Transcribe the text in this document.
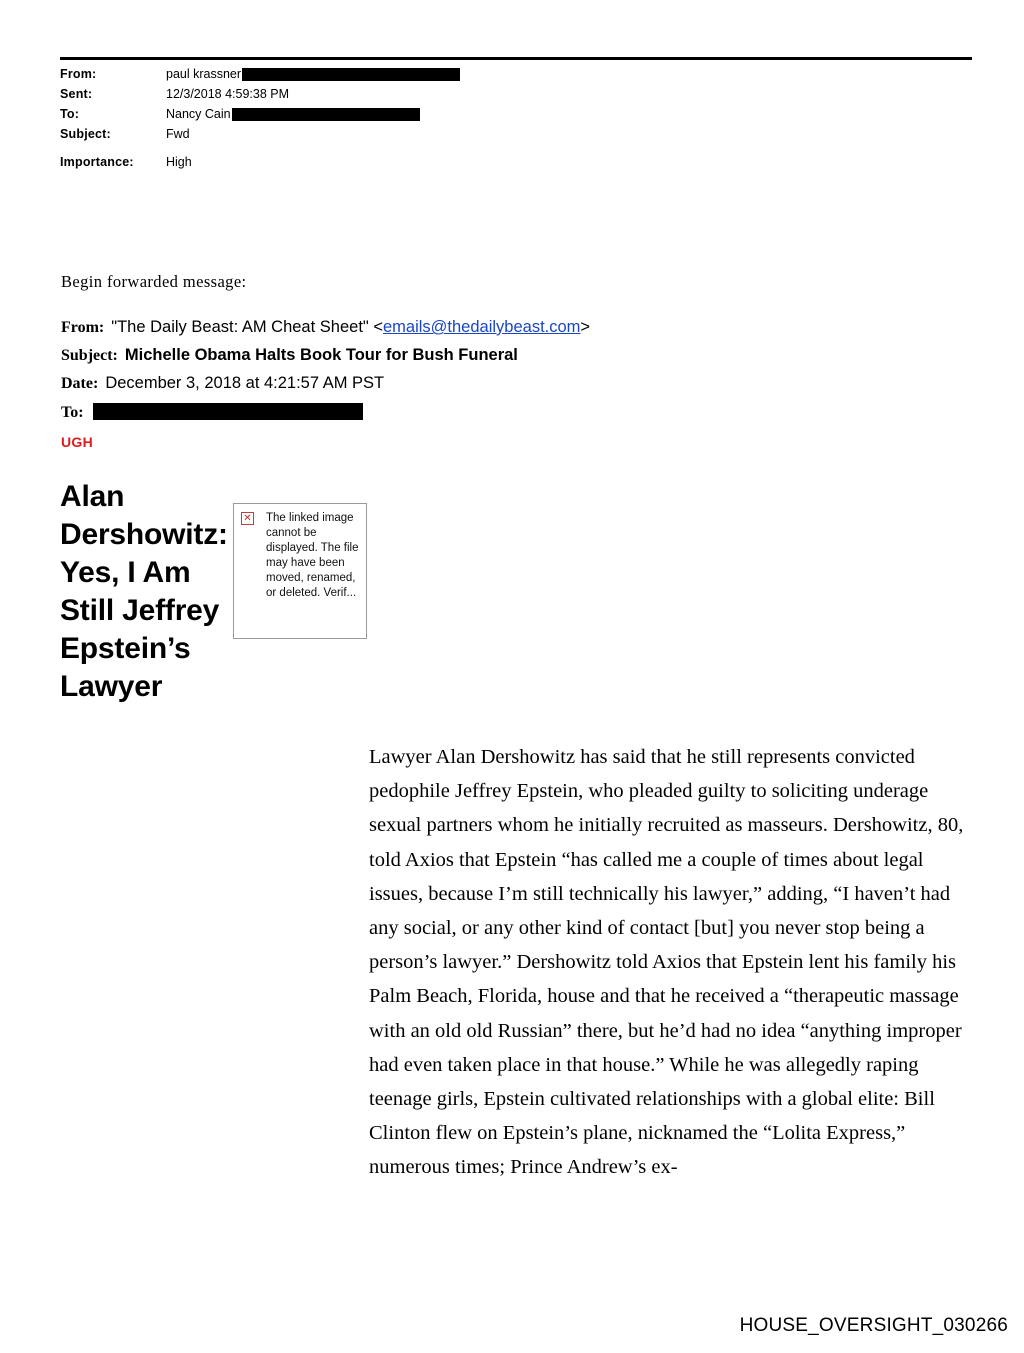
From:	paul krassner
Sent:	12/3/2018 4:59:38 PM
To:	Nancy Cain
Subject:	Fwd
Importance:	High
Begin forwarded message:
From: "The Daily Beast: AM Cheat Sheet" <emails@thedailybeast.com>
Subject: Michelle Obama Halts Book Tour for Bush Funeral
Date: December 3, 2018 at 4:21:57 AM PST
To:
UGH
Alan Dershowitz: Yes, I Am Still Jeffrey Epstein’s Lawyer
✕ The linked image cannot be displayed. The file may have been moved, renamed, or deleted. Verif...
Lawyer Alan Dershowitz has said that he still represents convicted pedophile Jeffrey Epstein, who pleaded guilty to soliciting underage sexual partners whom he initially recruited as masseurs. Dershowitz, 80, told Axios that Epstein “has called me a couple of times about legal issues, because I’m still technically his lawyer,” adding, “I haven’t had any social, or any other kind of contact [but] you never stop being a person’s lawyer.” Dershowitz told Axios that Epstein lent his family his Palm Beach, Florida, house and that he received a “therapeutic massage with an old old Russian” there, but he’d had no idea “anything improper had even taken place in that house.” While he was allegedly raping teenage girls, Epstein cultivated relationships with a global elite: Bill Clinton flew on Epstein’s plane, nicknamed the “Lolita Express,” numerous times; Prince Andrew’s ex-
HOUSE_OVERSIGHT_030266
